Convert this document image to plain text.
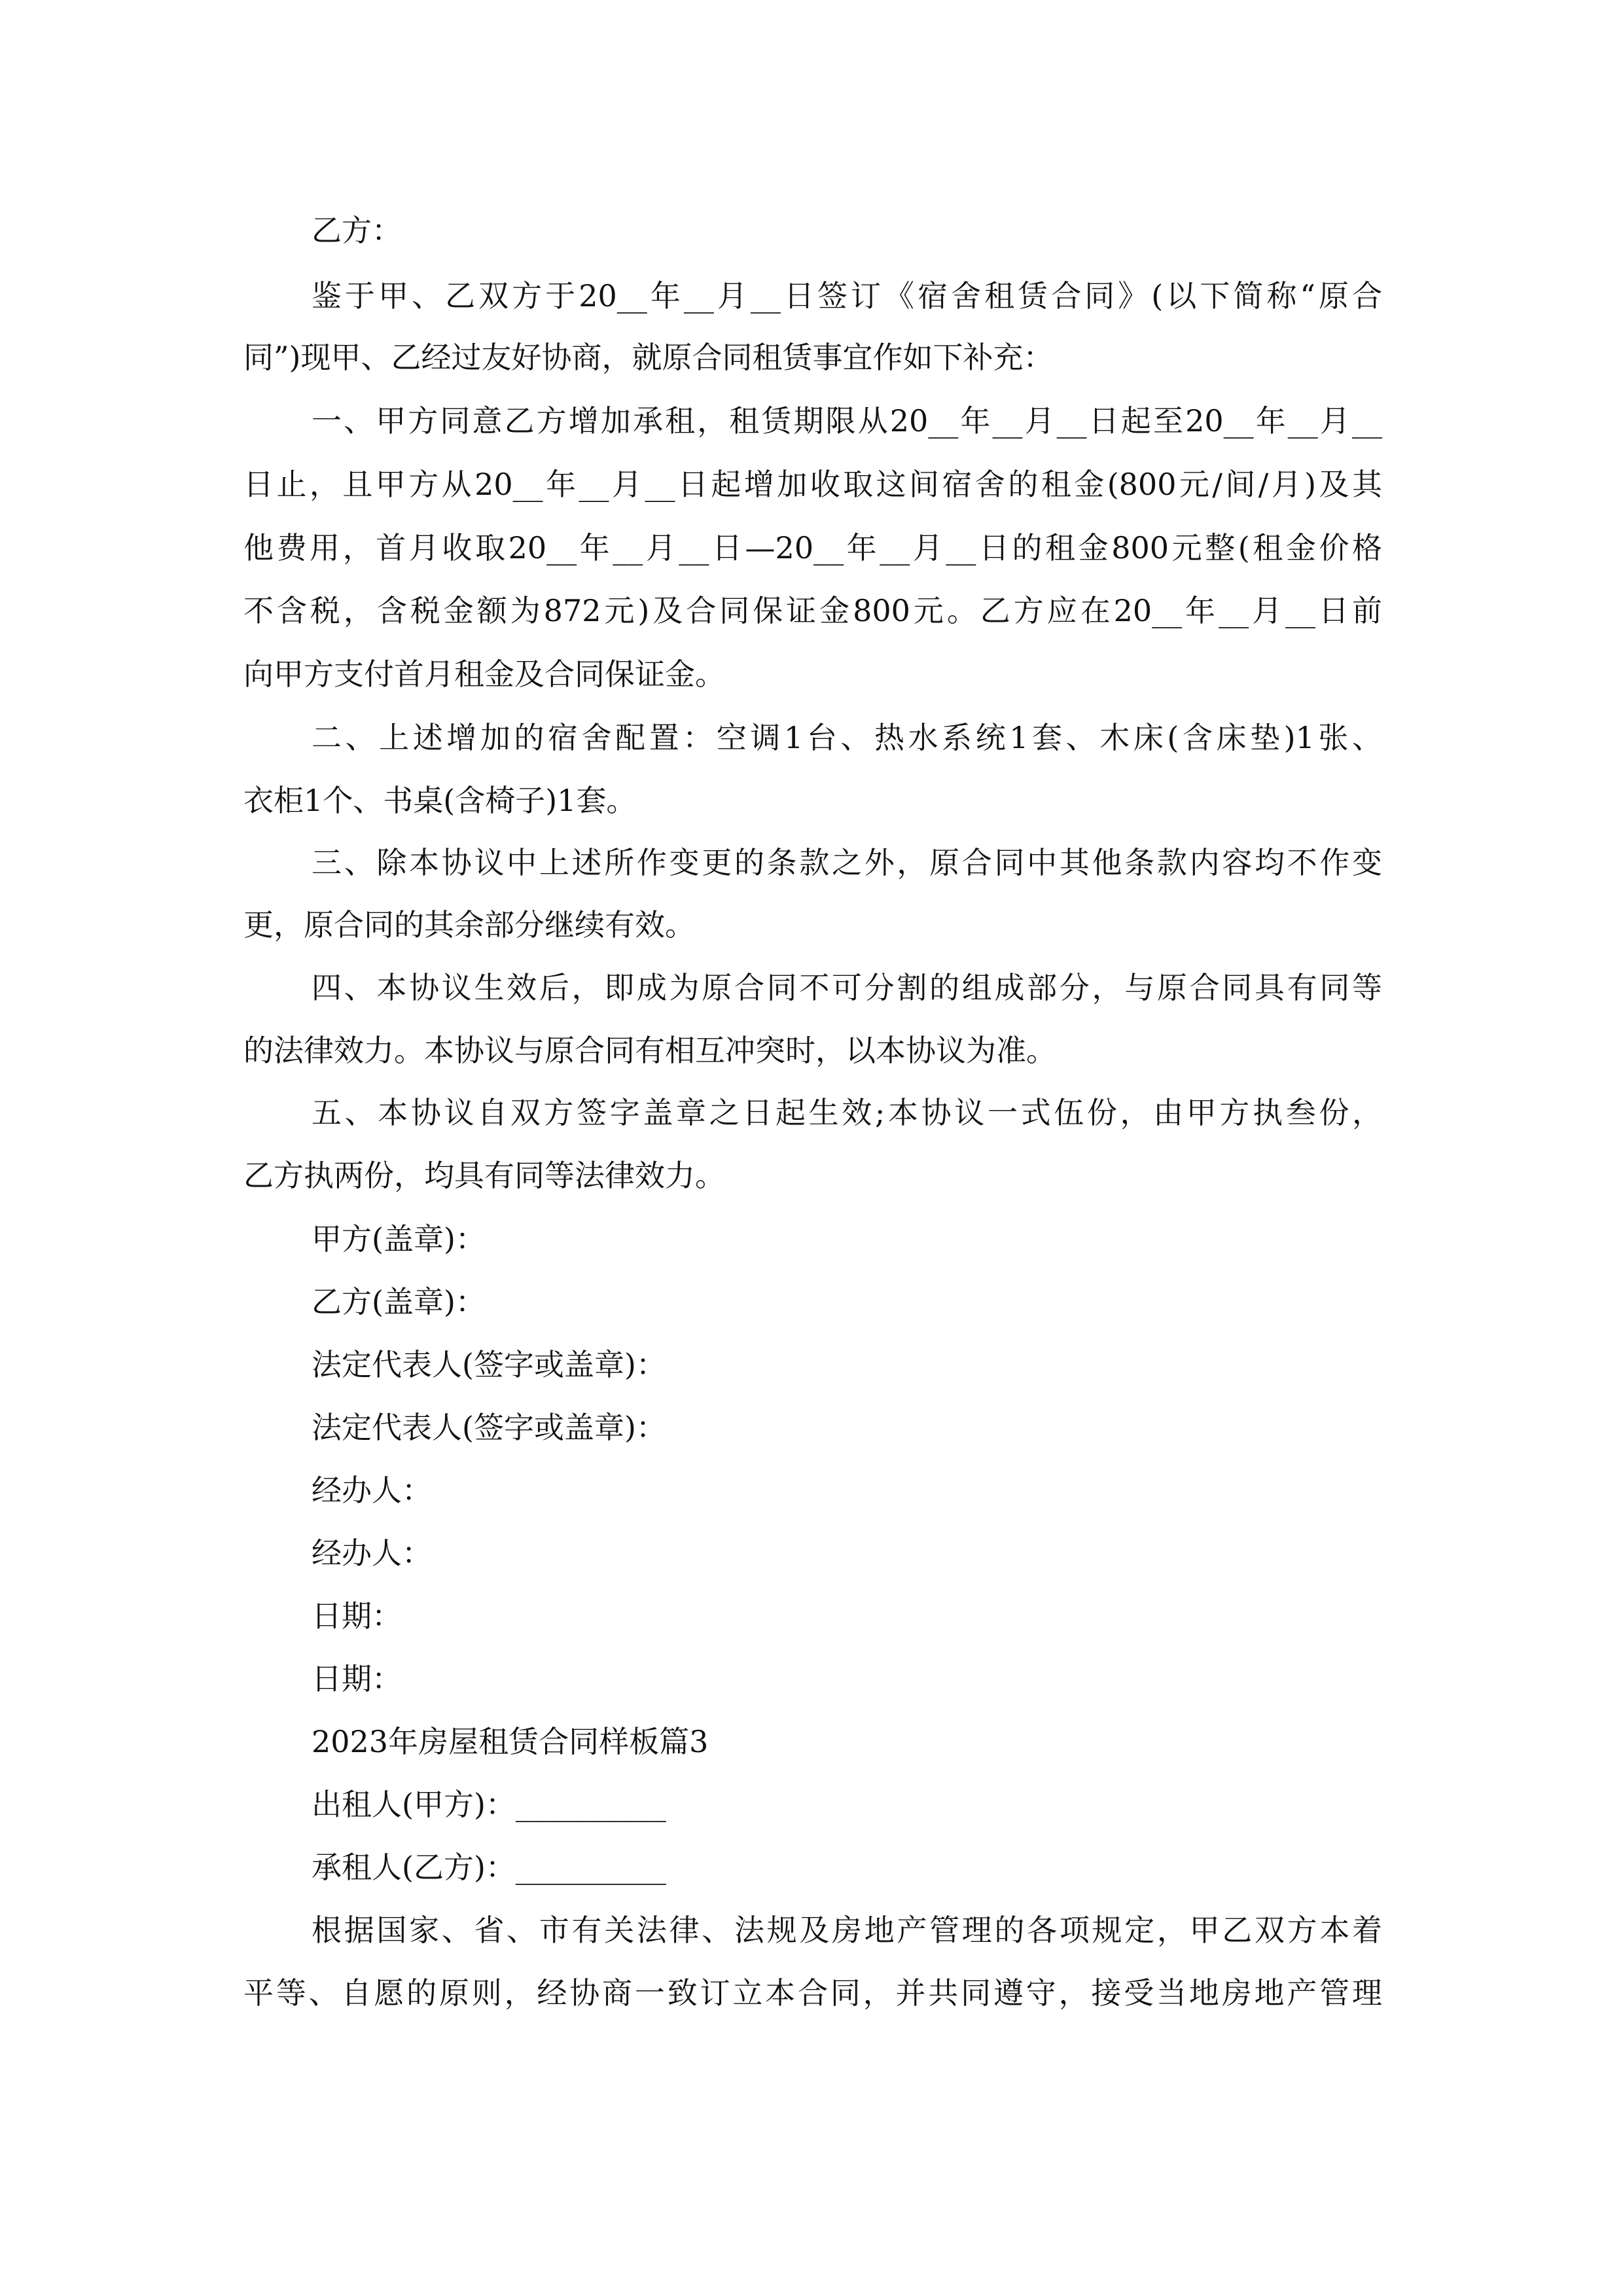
乙方：
鉴于甲、乙双方于20__年__月__日签订《宿舍租赁合同》(以下简称“原合
同”)现甲、乙经过友好协商，就原合同租赁事宜作如下补充：
一、甲方同意乙方增加承租，租赁期限从20__年__月__日起至20__年__月__
日止，且甲方从20__年__月__日起增加收取这间宿舍的租金(800元/间/月)及其
他费用，首月收取20__年__月__日—20__年__月__日的租金800元整(租金价格
不含税，含税金额为872元)及合同保证金800元。乙方应在20__年__月__日前
向甲方支付首月租金及合同保证金。
二、上述增加的宿舍配置：空调1台、热水系统1套、木床(含床垫)1张、
衣柜1个、书桌(含椅子)1套。
三、除本协议中上述所作变更的条款之外，原合同中其他条款内容均不作变
更，原合同的其余部分继续有效。
四、本协议生效后，即成为原合同不可分割的组成部分，与原合同具有同等
的法律效力。本协议与原合同有相互冲突时，以本协议为准。
五、本协议自双方签字盖章之日起生效;本协议一式伍份，由甲方执叁份，
乙方执两份，均具有同等法律效力。
甲方(盖章)：
乙方(盖章)：
法定代表人(签字或盖章)：
法定代表人(签字或盖章)：
经办人：
经办人：
日期：
日期：
2023年房屋租赁合同样板篇3
出租人(甲方)：__________
承租人(乙方)：__________
根据国家、省、市有关法律、法规及房地产管理的各项规定，甲乙双方本着
平等、自愿的原则，经协商一致订立本合同，并共同遵守，接受当地房地产管理
